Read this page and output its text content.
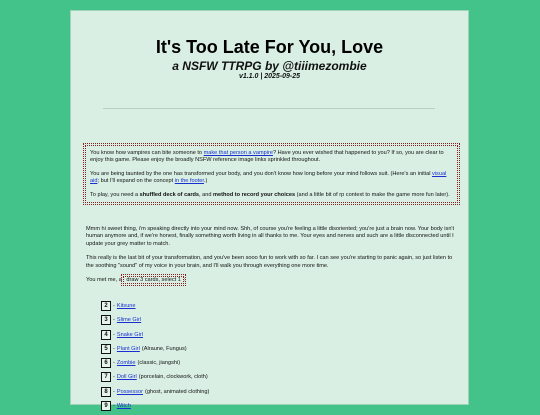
It's Too Late For You, Love
a NSFW TTRPG by @tiiimezombie
v1.1.0 | 2025-09-25

You know how vampires can bite someone to make that person a vampire? Have you ever wished that happened to you? If so, you are clear to enjoy this game. Please enjoy the broadly NSFW reference image links sprinkled throughout.

You are being taunted by the one has transformed your body, and you don't know how long before your mind follows suit. (Here's an initial visual aid; but I'll expand on the concept in the footer.)

To play, you need a shuffled deck of cards, and method to record your choices (and a little bit of rp context to make the game more fun later).

Mmm hi sweet thing, i'm speaking directly into your mind now. Shh, of course you're feeling a little disoriented; you're just a brain now. Your body isn't human anymore and, if we're honest, finally something worth living in all thanks to me. Your eyes and nerves and such are a little disconnected until I update your grey matter to match.

This really is the last bit of your transformation, and you've been sooo fun to work with so far. I can see you're starting to panic again, so just listen to the soothing "sound" of my voice in your brain, and I'll walk you through everything one more time.

You met me, a draw 3 cards, select 1 :

2 - Kitsune
3 - Slime Girl
4 - Snake Girl
5 - Plant Girl (Alraune, Fungus)
6 - Zombie (classic, jiangshi)
7 - Doll Girl (porcelain, clockwork, cloth)
8 - Possessor (ghost, animated clothing)
9 - Witch
